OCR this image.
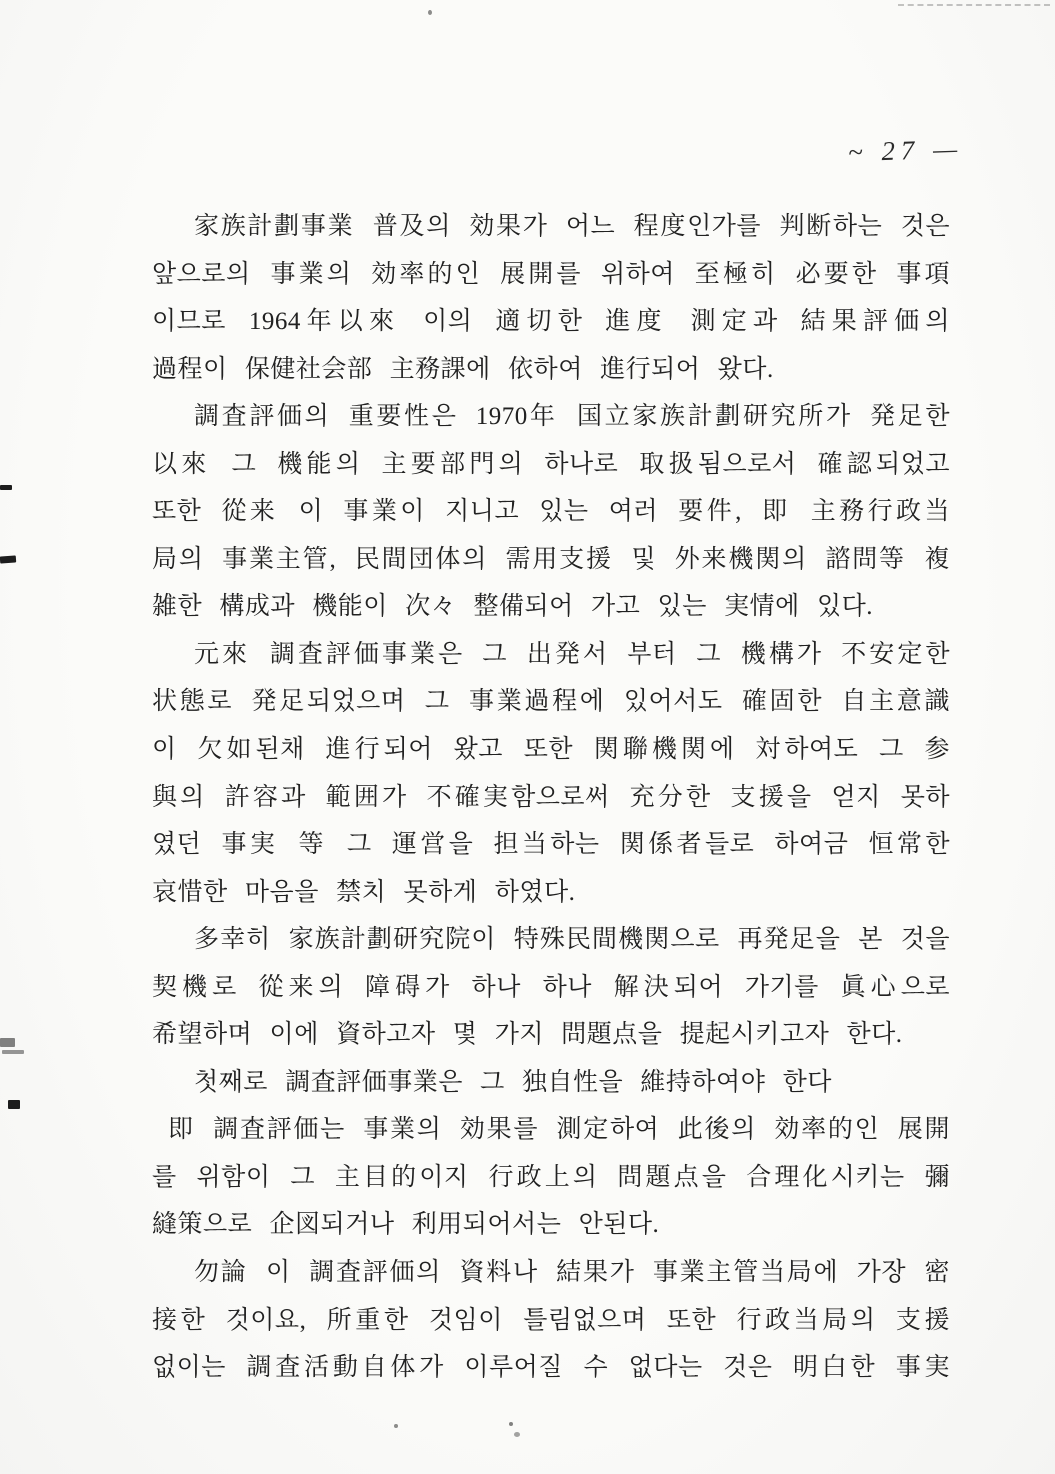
~ 27 —
家族計劃事業 普及의 効果가 어느 程度인가를 判断하는 것은
앞으로의 事業의 効率的인 展開를 위하여 至極히 必要한 事項
이므로 1964年以來 이의 適切한 進度 測定과 結果評価의
過程이 保健社会部 主務課에 依하여 進行되어 왔다.
調査評価의 重要性은 1970年 国立家族計劃研究所가 発足한
以來 그 機能의 主要部門의 하나로 取扱됨으로서 確認되었고
또한 從来 이 事業이 지니고 있는 여러 要件, 即 主務行政当
局의 事業主管, 民間団体의 需用支援 및 外来機関의 諮問等 複
雑한 構成과 機能이 次々 整備되어 가고 있는 実情에 있다.
元來 調査評価事業은 그 出発서 부터 그 機構가 不安定한
状態로 発足되었으며 그 事業過程에 있어서도 確固한 自主意識
이 欠如된채 進行되어 왔고 또한 関聯機関에 対하여도 그 参
與의 許容과 範囲가 不確実함으로써 充分한 支援을 얻지 못하
였던 事実 等 그 運営을 担当하는 関係者들로 하여금 恒常한
哀惜한 마음을 禁치 못하게 하였다.
多幸히 家族計劃研究院이 特殊民間機関으로 再発足을 본 것을
契機로 從来의 障碍가 하나 하나 解決되어 가기를 眞心으로
希望하며 이에 資하고자 몇 가지 問題点을 提起시키고자 한다.
첫째로 調査評価事業은 그 独自性을 維持하여야 한다
即 調査評価는 事業의 効果를 測定하여 此後의 効率的인 展開
를 위함이 그 主目的이지 行政上의 問題点을 合理化시키는 彌
縫策으로 企図되거나 利用되어서는 안된다.
勿論 이 調査評価의 資料나 結果가 事業主管当局에 가장 密
接한 것이요, 所重한 것임이 틀림없으며 또한 行政当局의 支援
없이는 調査活動自体가 이루어질 수 없다는 것은 明白한 事実
